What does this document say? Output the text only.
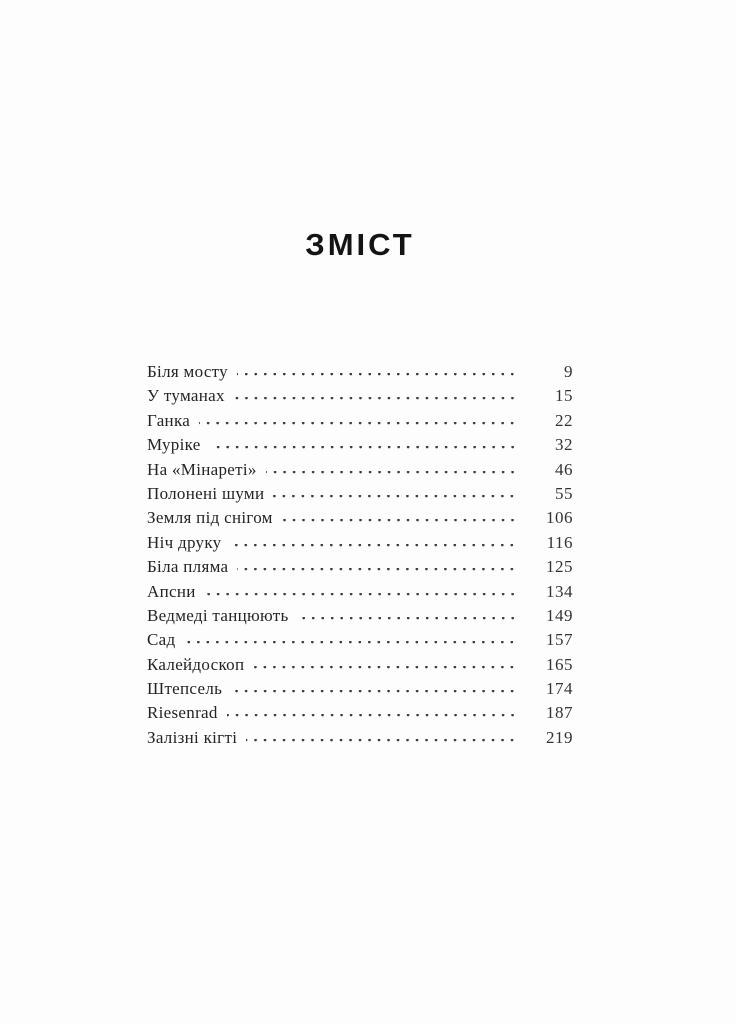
ЗМІСТ
Біля мосту	9
У туманах	15
Ганка	22
Муріке	32
На «Мінареті»	46
Полонені шуми	55
Земля під снігом	106
Ніч друку	116
Біла пляма	125
Апсни	134
Ведмеді танцюють	149
Сад	157
Калейдоскоп	165
Штепсель	174
Riesenrad	187
Залізні кігті	219
